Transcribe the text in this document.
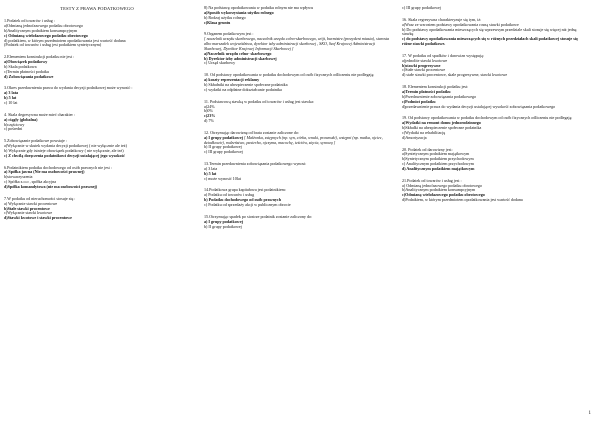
TESTY Z PRAWA PODATKOWEGO
1.Podatek od towarów i usług :
a)Odmianą jednofazowego podatku obrotowego
b)Analitycznym podatkiem konsumpcyjnym
c) Odmianą wielofazowego podatku obrotowego
d) podatkiem, w którym przedmiotem opodatkowania jest wartość dodana
(Podatek od towarów i usług jest podatkiem syntetycznym)
2.Elementem konstrukcji podatku nie jest :
a)Obowiązek podatkowy
b) Skala podatkowa
c)Termin płatności podatku
d) Zobowiązania podatkowe
3.Okres przedawnienia prawa do wydania decyzji podatkowej może wynosić :
a) 3 lata
b) 5 lat
c) 10 lat
4. Skala degresywna może mieć charakter :
a) ciągły (globalna)
b)częściowy
c) pośredni
5.Zobowiązanie podatkowe powstaje :
a)Wyłącznie w skutek wydania decyzji podatkowej ( nie wyłącznie ale też)
b) Wyłącznie gdy istnieje obowiązek podatkowy ( nie wyłącznie, ale też)
c) Z chwilą doręczenia podatnikowi decyzji ustalającej jego wysokość
6.Podatnikiem podatku dochodowego od osób prawnych nie jest :
a) Spółka jawna (Nie ma osobowości prawnej)
b)stowarzyszenia
c) Spółka z.o.o , spółka akcyjna
d)Spółka komandytowa (nie ma osobowości prawnej)
7.W podatku od nieruchomości stosuje się :
a) Wyłącznie stawki procentowe
b)Stałe stawki procentowe
c)Wyłącznie stawki kwotowe
d)Stawki kwotowe i stawki procentowe
8) Na podstawę opodatkowania w podatku rolnym nie ma wpływu
a)Sposób wykorzystania użytku rolnego
b) Rodzaj użytku rolnego
c)Klasa gruntu
9.Organem podatkowym jest :
[ naczelnik urzędu skarbowego, naczelnik urzędu celno-skarbowego, wójt, burmistrz (prezydent miasta), starosta albo marszałek województwa, dyrektor izby administracji skarbowej , SKO, Szef Krajowej Administracji Skarbowej, Dyrektor Krajowej Informacji Skarbowej ]
a)Naczelnik urzędu celno- skarbowego
b) Dyrektor izby administracji skarbowej
c) Urząd skarbowy
10. Od podstawy opodatkowania w podatku dochodowym od osób fizycznych odliczeniu nie podlegają:
a) koszty reprezentacji reklamy
b) Składniki na ubezpieczenie społeczne podatnika
c) wydatki na odpłatne dokształcanie podatnika
11. Podstawową stawką w podatku od towarów i usług jest stawka:
a)24%
b)0%
c)23%
d) 7%
12. Otrzymując darowiznę od brata zostanie zaliczone do:
a) I grupy podatkowej [ Małżonka, zstępnych (np. syn, córka, wnuki, prawnuki), wstępni (np. matka, ojciec, dziadkowie), rodzeństwo, pasierba, ojczyma, macochę, teściów, zięcia, synową ]
b) II grupy podatkowej
c) III grupy podatkowej
13.Termin przedawnienia zobowiązania podatkowego wynosi:
a) 3 lata
b) 5 lat
c) może wynosić 10lat
14.Podatkowa grupa kapitałowa jest podatnikiem:
a) Podatku od towarów i usług
b) Podatku dochodowego od osób prawnych
c) Podatku od sprzedaży akcji w publicznym obrocie
15.Otrzymując spadek po siostrze podatnik zostanie zaliczony do:
a) I grupy podatkowej
b) II grupy podatkowej
c) III grupy podatkowej
16. Skala regresywna charakteryzuje się tym, iż:
a)Wraz ze wzrostem podstawy opodatkowania rosną stawki podatkowe
b) Do podstawy opodatkowania mieszczących się wprzewsym przedziale skali stosuje się więcej niż jedną stawkę
c) do podstawy opodatkowania mieszczących się w różnych przedziałach skali podatkowej stosuje się różne stawki podatkowe.
17. W podatku od spadków i darowizn występują:
a)jednolite stawki kwotowe
b)stawki progresywne
c)Stałe stawki procentowe
d) stałe stawki procentowe, skale progresywne, stawki kwotowe
18. Elementem konstrukcji podatku jest:
a)Termin płatności podatku
b)Przedawnienie zobowiązania podatkowego
c)Podmiot podatku
d)przedawnienie prawa do wydania decyzji ustalającej wysokość zobowiązania podatkowego
19. Od podstawy opodatkowania w podatku dochodowym od osób fizycznych odliczeniu nie podlegają:
a)Wydatki na remont domu jednorodzinnego
b)Składki na ubezpieczenie społeczne podatnika
c)Wydatki na rehabilitację
d)Amortyzacja
20. Podatek od darowizny jest:
a)Syntetycznym podatkiem majątkowym
b)Syntetycznym podatkiem przychodowym
c) Analitycznym podatkiem przychodowym
d) Analitycznym podatkiem majątkowym
21.Podatek od towarów i usług jest :
a) Odmianą jednofazowego podatku obrotowego
b)Analitycznym podatkiem konsumpcyjnym
c)Odmianą wielofazowego podatku obrotowego
d)Podatkiem, w którym przedmiotem opodatkowania jest wartość dodana
1
